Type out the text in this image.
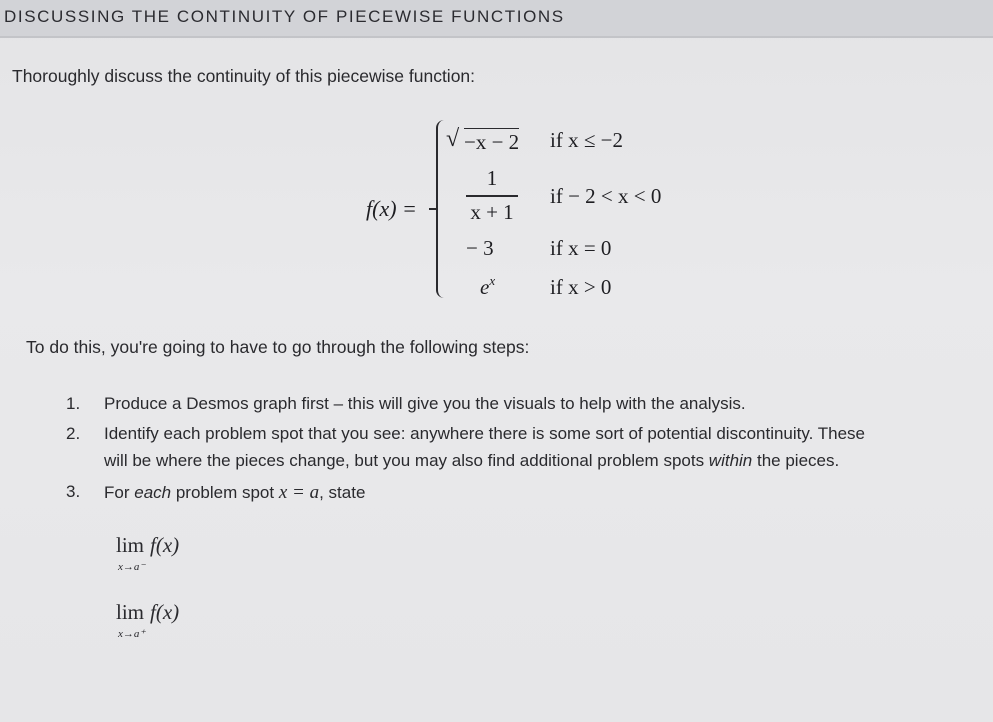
DISCUSSING THE CONTINUITY OF PIECEWISE FUNCTIONS
Thoroughly discuss the continuity of this piecewise function:
f(x) =
√ −x − 2 if x ≤ −2
1
x + 1
if − 2 < x < 0
− 3	if x = 0
$e^x$	if x > 0
To do this, you're going to have to go through the following steps:
1. Produce a Desmos graph first – this will give you the visuals to help with the analysis.
2. Identify each problem spot that you see: anywhere there is some sort of potential discontinuity. These
will be where the pieces change, but you may also find additional problem spots within the pieces.
3. For each problem spot x = a, state
lim f(x)
x→a⁻
lim f(x)
x→a⁺
